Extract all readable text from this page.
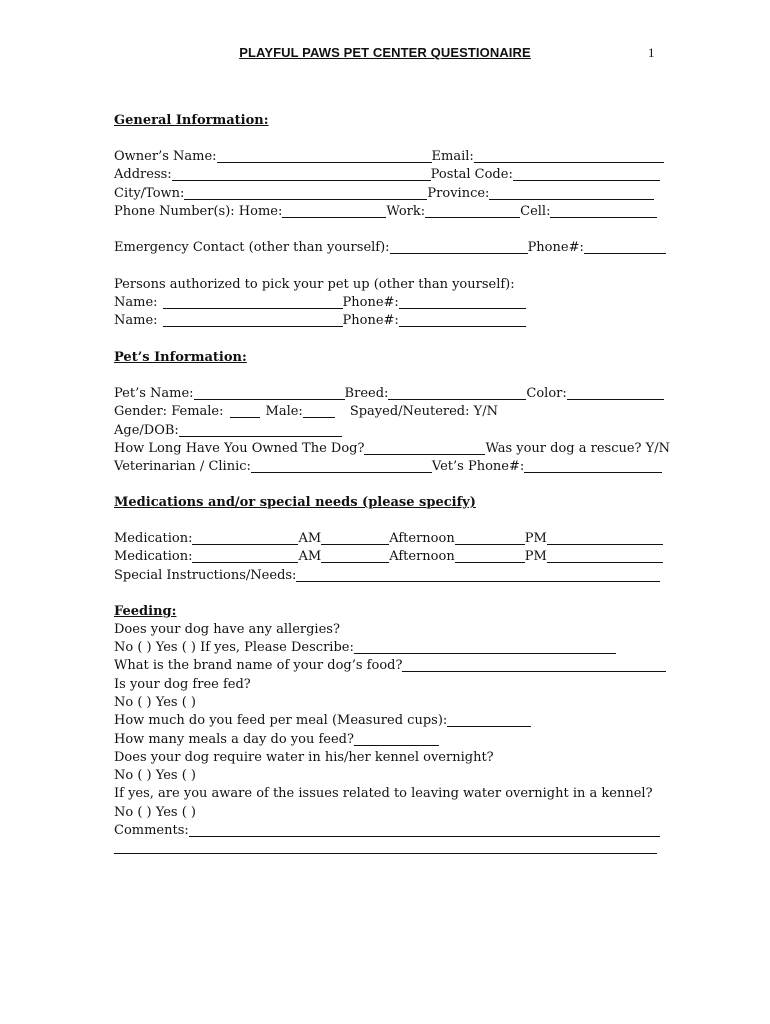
PLAYFUL PAWS PET CENTER QUESTIONAIRE	1
General Information:
Owner’s Name:	Email:
Address:	Postal Code:
City/Town:	Province:
Phone Number(s): Home:	Work:	Cell:
Emergency Contact (other than yourself):	Phone#:
Persons authorized to pick your pet up (other than yourself):
Name:	Phone#:
Name:	Phone#:
Pet’s Information:
Pet’s Name:	Breed:	Color:
Gender: Female:	Male:	Spayed/Neutered: Y/N
Age/DOB:
How Long Have You Owned The Dog?	Was your dog a rescue? Y/N
Veterinarian / Clinic:	Vet’s Phone#:
Medications and/or special needs (please specify)
Medication:	AM	Afternoon	PM
Medication:	AM	Afternoon	PM
Special Instructions/Needs:
Feeding:
Does your dog have any allergies?
No ( ) Yes ( ) If yes, Please Describe:
What is the brand name of your dog’s food?
Is your dog free fed?
No ( ) Yes ( )
How much do you feed per meal (Measured cups):
How many meals a day do you feed?
Does your dog require water in his/her kennel overnight?
No ( ) Yes ( )
If yes, are you aware of the issues related to leaving water overnight in a kennel?
No ( ) Yes ( )
Comments:
